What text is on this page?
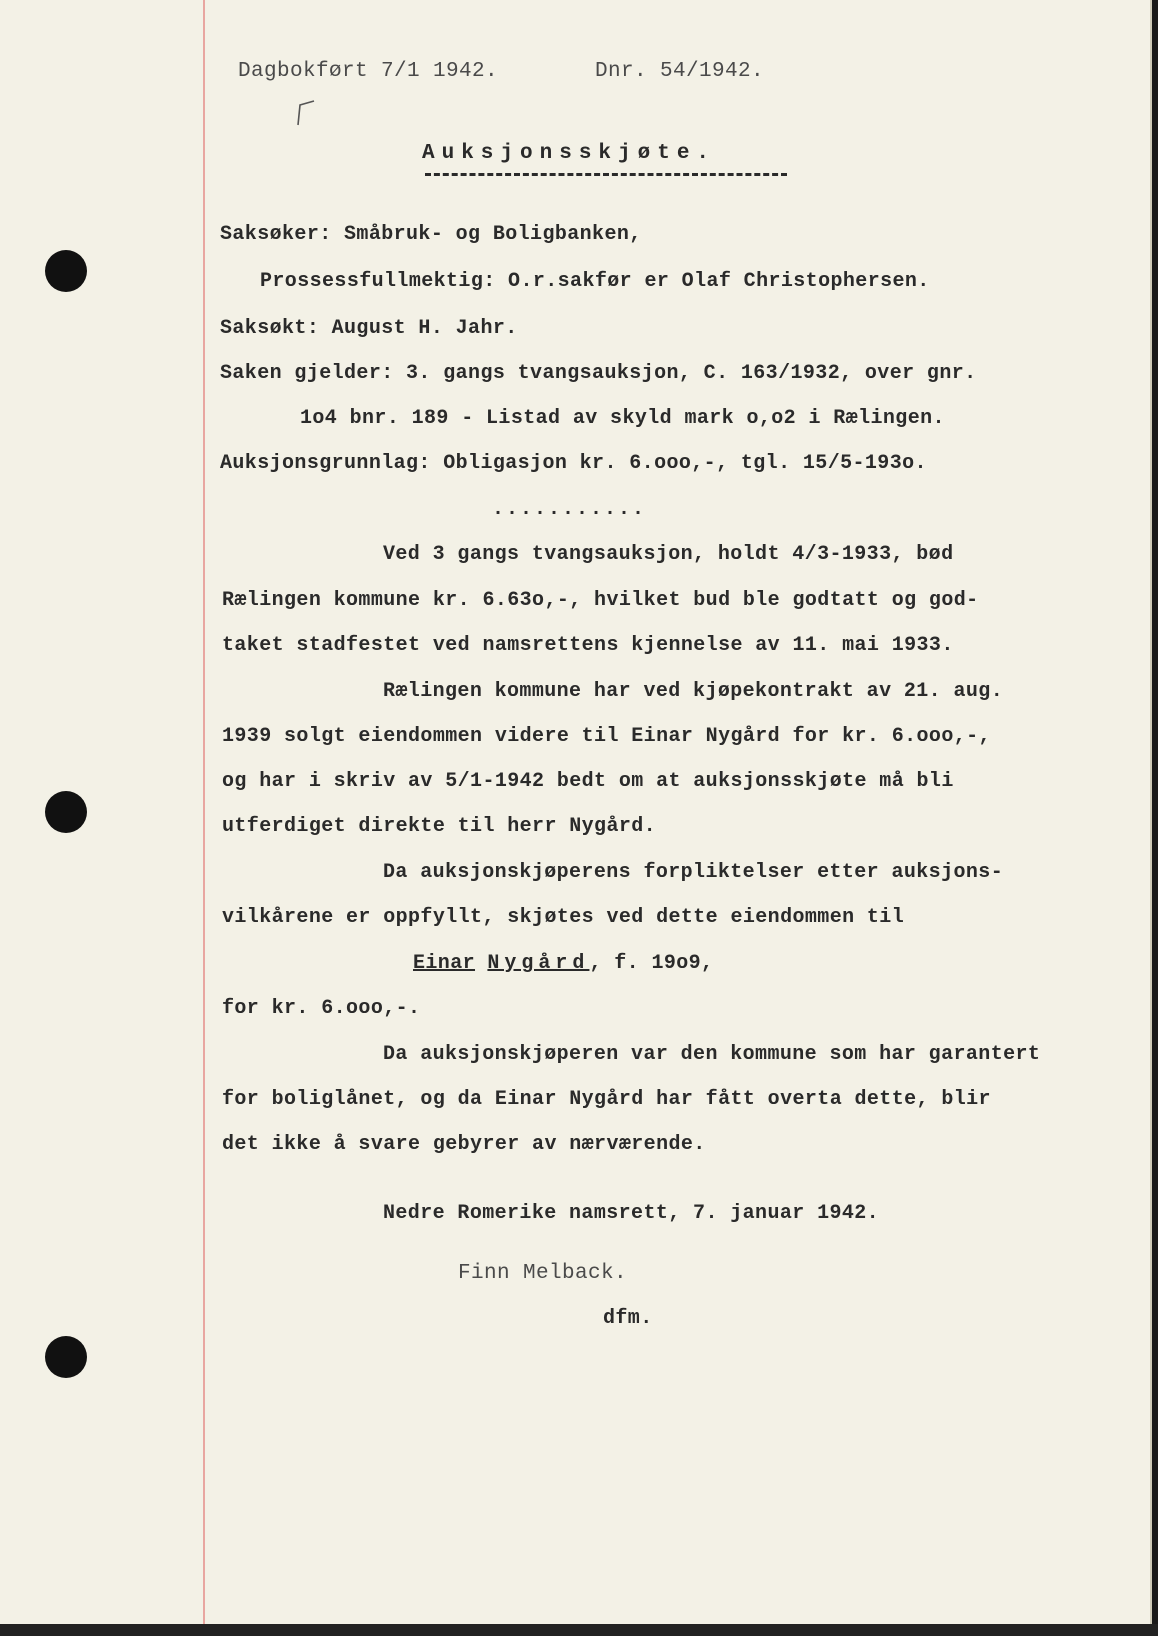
Dagbokført 7/1 1942.	Dnr. 54/1942.
Auksjonsskjøte.
Saksøker: Småbruk- og Boligbanken,
Prossessfullmektig: O.r.sakfør er Olaf Christophersen.
Saksøkt: August H. Jahr.
Saken gjelder: 3. gangs tvangsauksjon, C. 163/1932, over gnr.
1o4 bnr. 189 - Listad av skyld mark o,o2 i Rælingen.
Auksjonsgrunnlag: Obligasjon kr. 6.ooo,-, tgl. 15/5-193o.
...........
Ved 3 gangs tvangsauksjon, holdt 4/3-1933, bød
Rælingen kommune kr. 6.63o,-, hvilket bud ble godtatt og god-
taket stadfestet ved namsrettens kjennelse av 11. mai 1933.
Rælingen kommune har ved kjøpekontrakt av 21. aug.
1939 solgt eiendommen videre til Einar Nygård for kr. 6.ooo,-,
og har i skriv av 5/1-1942 bedt om at auksjonsskjøte må bli
utferdiget direkte til herr Nygård.
Da auksjonskjøperens forpliktelser etter auksjons-
vilkårene er oppfyllt, skjøtes ved dette eiendommen til
Einar Nygård, f. 19o9,
for kr. 6.ooo,-.
Da auksjonskjøperen var den kommune som har garantert
for boliglånet, og da Einar Nygård har fått overta dette, blir
det ikke å svare gebyrer av nærværende.
Nedre Romerike namsrett, 7. januar 1942.
Finn Melback.
dfm.
